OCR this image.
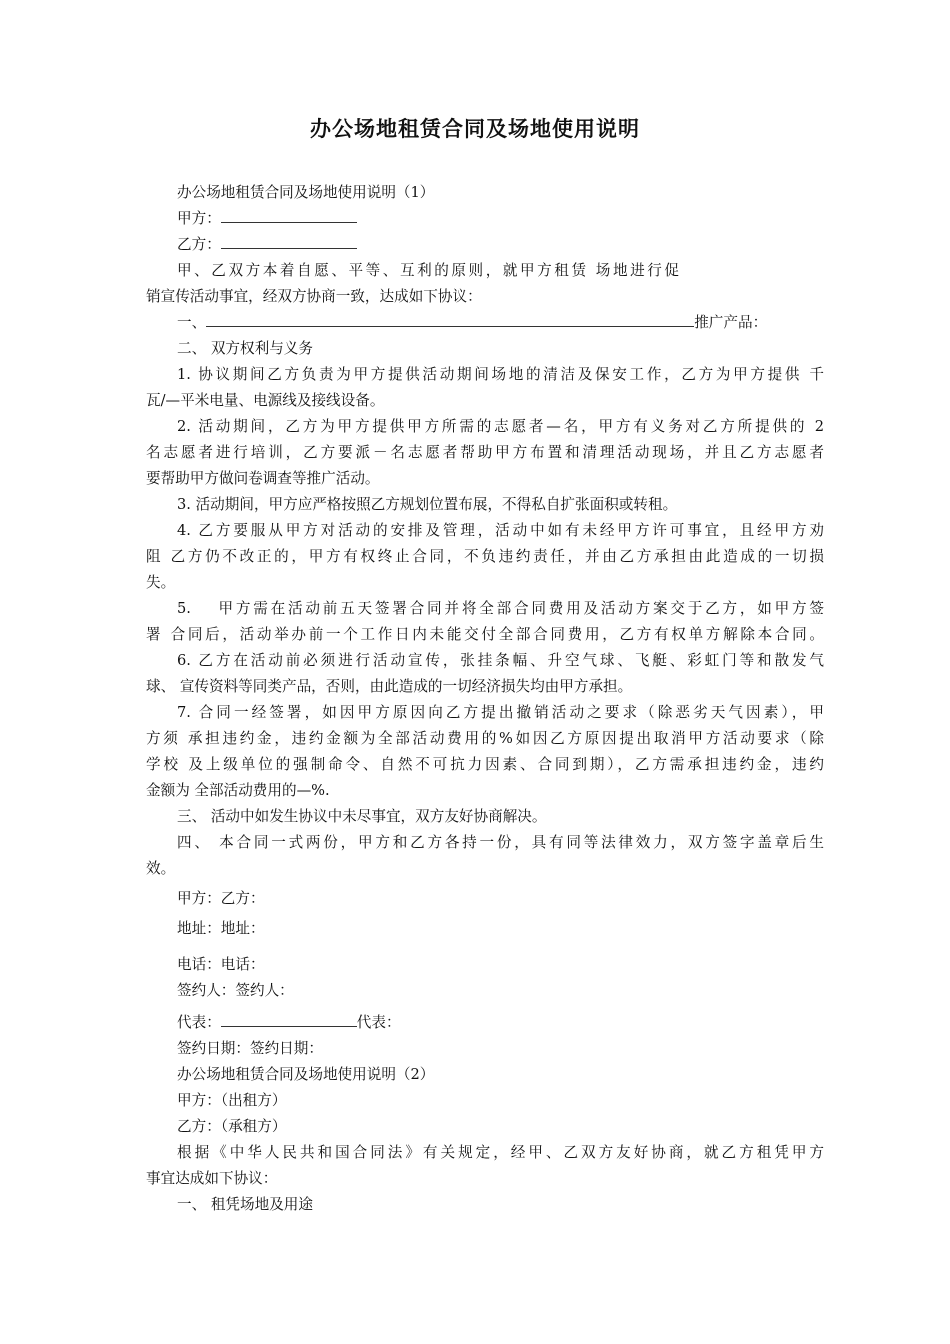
办公场地租赁合同及场地使用说明
办公场地租赁合同及场地使用说明（1）
甲方：
乙方：
甲、乙双方本着自愿、平等、互利的原则，就甲方租赁 场地进行促
销宣传活动事宜，经双方协商一致，达成如下协议：
一、	推广产品：
二、 双方权利与义务
1. 协议期间乙方负责为甲方提供活动期间场地的清洁及保安工作，乙方为甲方提供 千
瓦/—平米电量、电源线及接线设备。
2. 活动期间，乙方为甲方提供甲方所需的志愿者—名，甲方有义务对乙方所提供的 2
名志愿者进行培训，乙方要派－名志愿者帮助甲方布置和清理活动现场，并且乙方志愿者
要帮助甲方做问卷调查等推广活动。
3. 活动期间，甲方应严格按照乙方规划位置布展，不得私自扩张面积或转租。
4. 乙方要服从甲方对活动的安排及管理，活动中如有未经甲方许可事宜，且经甲方劝
阻 乙方仍不改正的，甲方有权终止合同，不负违约责任，并由乙方承担由此造成的一切损
失。
5.　 甲方需在活动前五天签署合同并将全部合同费用及活动方案交于乙方，如甲方签
署 合同后，活动举办前一个工作日内未能交付全部合同费用，乙方有权单方解除本合同。
6. 乙方在活动前必须进行活动宣传，张挂条幅、升空气球、飞艇、彩虹门等和散发气
球、 宣传资料等同类产品，否则，由此造成的一切经济损失均由甲方承担。
7. 合同一经签署，如因甲方原因向乙方提出撤销活动之要求（除恶劣天气因素），甲
方须 承担违约金，违约金额为全部活动费用的%如因乙方原因提出取消甲方活动要求（除
学校 及上级单位的强制命令、自然不可抗力因素、合同到期），乙方需承担违约金，违约
金额为 全部活动费用的—%.
三、 活动中如发生协议中未尽事宜，双方友好协商解决。
四、 本合同一式两份，甲方和乙方各持一份，具有同等法律效力，双方签字盖章后生
效。
甲方：乙方：
地址：地址：
电话：电话：
签约人：签约人：
代表：	代表：
签约日期：签约日期：
办公场地租赁合同及场地使用说明（2）
甲方：（出租方）
乙方：（承租方）
根据《中华人民共和国合同法》有关规定，经甲、乙双方友好协商，就乙方租凭甲方
事宜达成如下协议：
一、 租凭场地及用途
